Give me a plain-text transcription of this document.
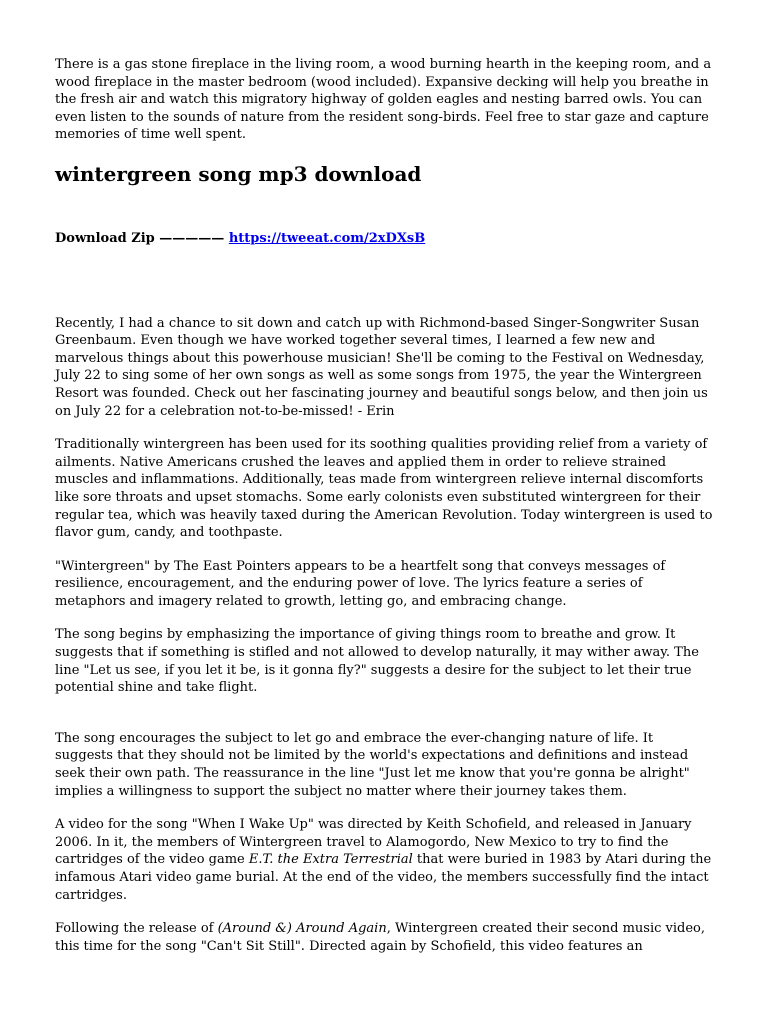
There is a gas stone fireplace in the living room, a wood burning hearth in the keeping room, and a wood fireplace in the master bedroom (wood included). Expansive decking will help you breathe in the fresh air and watch this migratory highway of golden eagles and nesting barred owls. You can even listen to the sounds of nature from the resident song-birds. Feel free to star gaze and capture memories of time well spent.

wintergreen song mp3 download
Download Zip ————— https://tweeat.com/2xDXsB

Recently, I had a chance to sit down and catch up with Richmond-based Singer-Songwriter Susan Greenbaum. Even though we have worked together several times, I learned a few new and marvelous things about this powerhouse musician! She'll be coming to the Festival on Wednesday, July 22 to sing some of her own songs as well as some songs from 1975, the year the Wintergreen Resort was founded. Check out her fascinating journey and beautiful songs below, and then join us on July 22 for a celebration not-to-be-missed! - Erin

Traditionally wintergreen has been used for its soothing qualities providing relief from a variety of ailments. Native Americans crushed the leaves and applied them in order to relieve strained muscles and inflammations. Additionally, teas made from wintergreen relieve internal discomforts like sore throats and upset stomachs. Some early colonists even substituted wintergreen for their regular tea, which was heavily taxed during the American Revolution. Today wintergreen is used to flavor gum, candy, and toothpaste.

"Wintergreen" by The East Pointers appears to be a heartfelt song that conveys messages of resilience, encouragement, and the enduring power of love. The lyrics feature a series of metaphors and imagery related to growth, letting go, and embracing change.

The song begins by emphasizing the importance of giving things room to breathe and grow. It suggests that if something is stifled and not allowed to develop naturally, it may wither away. The line "Let us see, if you let it be, is it gonna fly?" suggests a desire for the subject to let their true potential shine and take flight.

The song encourages the subject to let go and embrace the ever-changing nature of life. It suggests that they should not be limited by the world's expectations and definitions and instead seek their own path. The reassurance in the line "Just let me know that you're gonna be alright" implies a willingness to support the subject no matter where their journey takes them.

A video for the song "When I Wake Up" was directed by Keith Schofield, and released in January 2006. In it, the members of Wintergreen travel to Alamogordo, New Mexico to try to find the cartridges of the video game E.T. the Extra Terrestrial that were buried in 1983 by Atari during the infamous Atari video game burial. At the end of the video, the members successfully find the intact cartridges.

Following the release of (Around &) Around Again, Wintergreen created their second music video, this time for the song "Can't Sit Still". Directed again by Schofield, this video features an
